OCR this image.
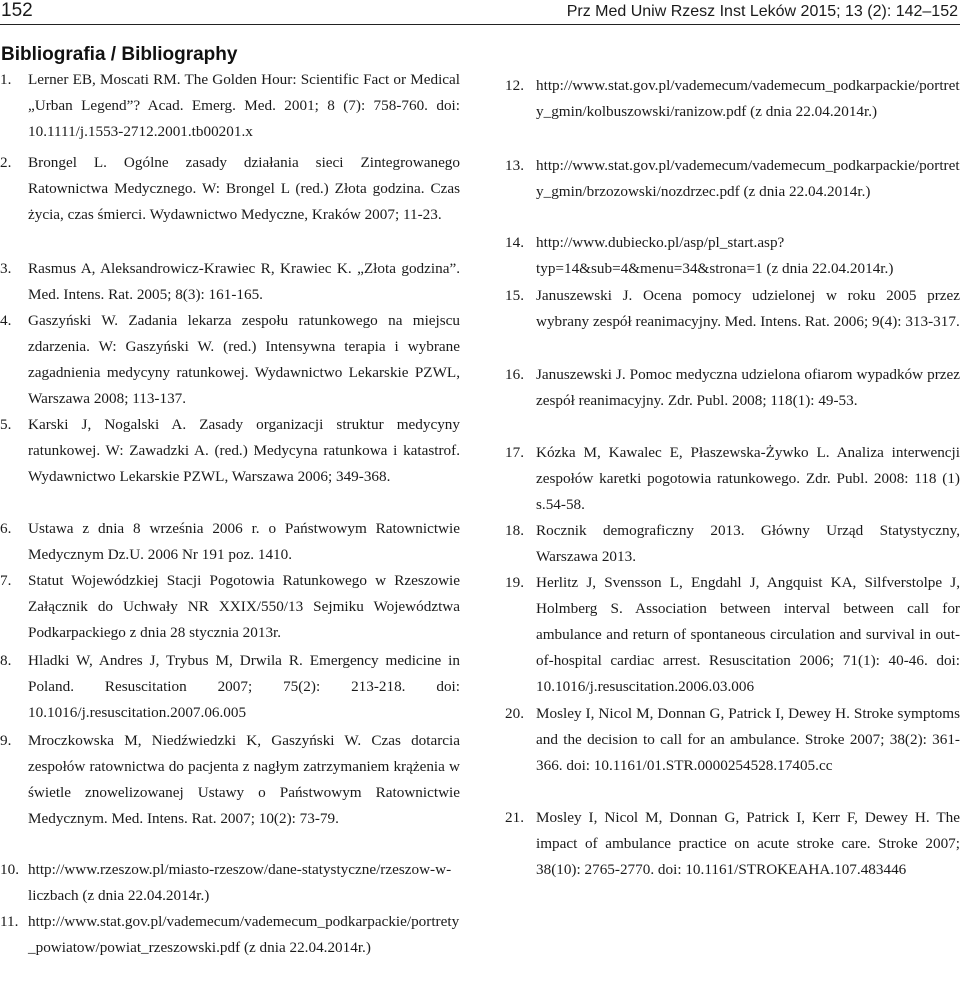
152	Prz Med Uniw Rzesz Inst Leków 2015; 13 (2): 142–152
Bibliografia / Bibliography
1. Lerner EB, Moscati RM. The Golden Hour: Scientific Fact or Medical „Urban Legend”? Acad. Emerg. Med. 2001; 8 (7): 758-760. doi: 10.1111/j.1553-2712.2001.tb00201.x
2. Brongel L. Ogólne zasady działania sieci Zintegrowanego Ratownictwa Medycznego. W: Brongel L (red.) Złota godzina. Czas życia, czas śmierci. Wydawnictwo Medyczne, Kraków 2007; 11-23.
3. Rasmus A, Aleksandrowicz-Krawiec R, Krawiec K. „Złota godzina”. Med. Intens. Rat. 2005; 8(3): 161-165.
4. Gaszyński W. Zadania lekarza zespołu ratunkowego na miejscu zdarzenia. W: Gaszyński W. (red.) Intensywna terapia i wybrane zagadnienia medycyny ratunkowej. Wydawnictwo Lekarskie PZWL, Warszawa 2008; 113-137.
5. Karski J, Nogalski A. Zasady organizacji struktur medycyny ratunkowej. W: Zawadzki A. (red.) Medycyna ratunkowa i katastrof. Wydawnictwo Lekarskie PZWL, Warszawa 2006; 349-368.
6. Ustawa z dnia 8 września 2006 r. o Państwowym Ratownictwie Medycznym Dz.U. 2006 Nr 191 poz. 1410.
7. Statut Wojewódzkiej Stacji Pogotowia Ratunkowego w Rzeszowie Załącznik do Uchwały NR XXIX/550/13 Sejmiku Województwa Podkarpackiego z dnia 28 stycznia 2013r.
8. Hladki W, Andres J, Trybus M, Drwila R. Emergency medicine in Poland. Resuscitation 2007; 75(2): 213-218. doi: 10.1016/j.resuscitation.2007.06.005
9. Mroczkowska M, Niedźwiedzki K, Gaszyński W. Czas dotarcia zespołów ratownictwa do pacjenta z nagłym zatrzymaniem krążenia w świetle znowelizowanej Ustawy o Państwowym Ratownictwie Medycznym. Med. Intens. Rat. 2007; 10(2): 73-79.
10. http://www.rzeszow.pl/miasto-rzeszow/dane-statystyczne/rzeszow-w-liczbach (z dnia 22.04.2014r.)
11. http://www.stat.gov.pl/vademecum/vademecum_podkarpackie/portrety_powiatow/powiat_rzeszowski.pdf (z dnia 22.04.2014r.)
12. http://www.stat.gov.pl/vademecum/vademecum_podkarpackie/portrety_gmin/kolbuszowski/ranizow.pdf (z dnia 22.04.2014r.)
13. http://www.stat.gov.pl/vademecum/vademecum_podkarpackie/portrety_gmin/brzozowski/nozdrzec.pdf (z dnia 22.04.2014r.)
14. http://www.dubiecko.pl/asp/pl_start.asp?typ=14&sub=4&menu=34&strona=1 (z dnia 22.04.2014r.)
15. Januszewski J. Ocena pomocy udzielonej w roku 2005 przez wybrany zespół reanimacyjny. Med. Intens. Rat. 2006; 9(4): 313-317.
16. Januszewski J. Pomoc medyczna udzielona ofiarom wypadków przez zespół reanimacyjny. Zdr. Publ. 2008; 118(1): 49-53.
17. Kózka M, Kawalec E, Płaszewska-Żywko L. Analiza interwencji zespołów karetki pogotowia ratunkowego. Zdr. Publ. 2008: 118 (1) s.54-58.
18. Rocznik demograficzny 2013. Główny Urząd Statystyczny, Warszawa 2013.
19. Herlitz J, Svensson L, Engdahl J, Angquist KA, Silfverstolpe J, Holmberg S. Association between interval between call for ambulance and return of spontaneous circulation and survival in out-of-hospital cardiac arrest. Resuscitation 2006; 71(1): 40-46. doi: 10.1016/j.resuscitation.2006.03.006
20. Mosley I, Nicol M, Donnan G, Patrick I, Dewey H. Stroke symptoms and the decision to call for an ambulance. Stroke 2007; 38(2): 361-366. doi: 10.1161/01.STR.0000254528.17405.cc
21. Mosley I, Nicol M, Donnan G, Patrick I, Kerr F, Dewey H. The impact of ambulance practice on acute stroke care. Stroke 2007; 38(10): 2765-2770. doi: 10.1161/STROKEAHA.107.483446
